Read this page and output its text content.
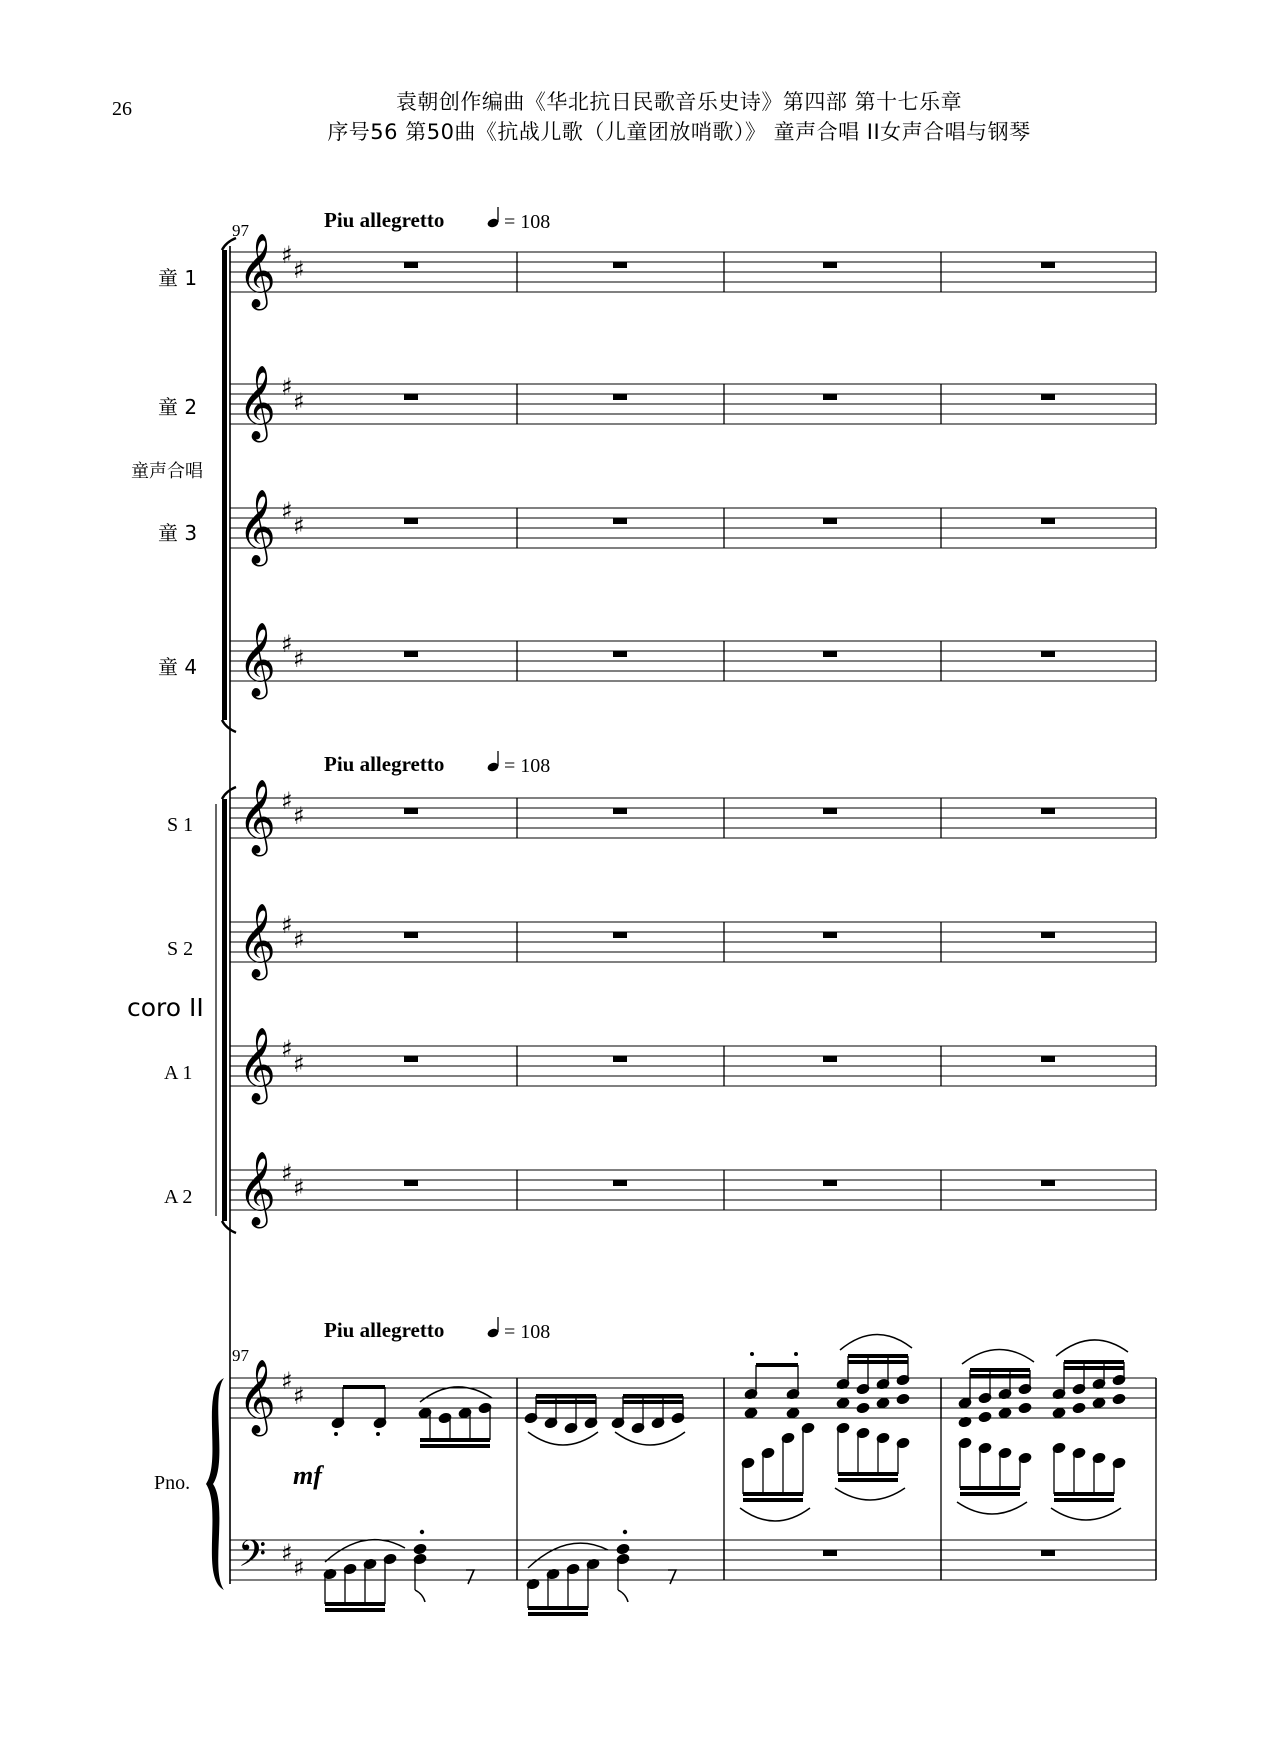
26	袁朝创作编曲《华北抗日民歌音乐史诗》第四部 第十七乐章
序号56 第50曲《抗战儿歌（儿童团放哨歌）》 童声合唱 II女声合唱与钢琴
Piu allegretto	= 108
Piu allegretto	= 108
Piu allegretto	= 108
97
97
童 1
童 2
童声合唱
童 3
童 4
S 1
S 2
coro II
A 1
A 2
Pno.	mf
𝄞 ♯
♯
𝄞 ♯
♯
𝄞 ♯
♯
𝄞 ♯
♯
𝄞 ♯
♯
𝄞 ♯
♯
𝄞 ♯
♯
𝄞 ♯
♯
𝄞 ♯
♯
𝄢 ♯
♯
